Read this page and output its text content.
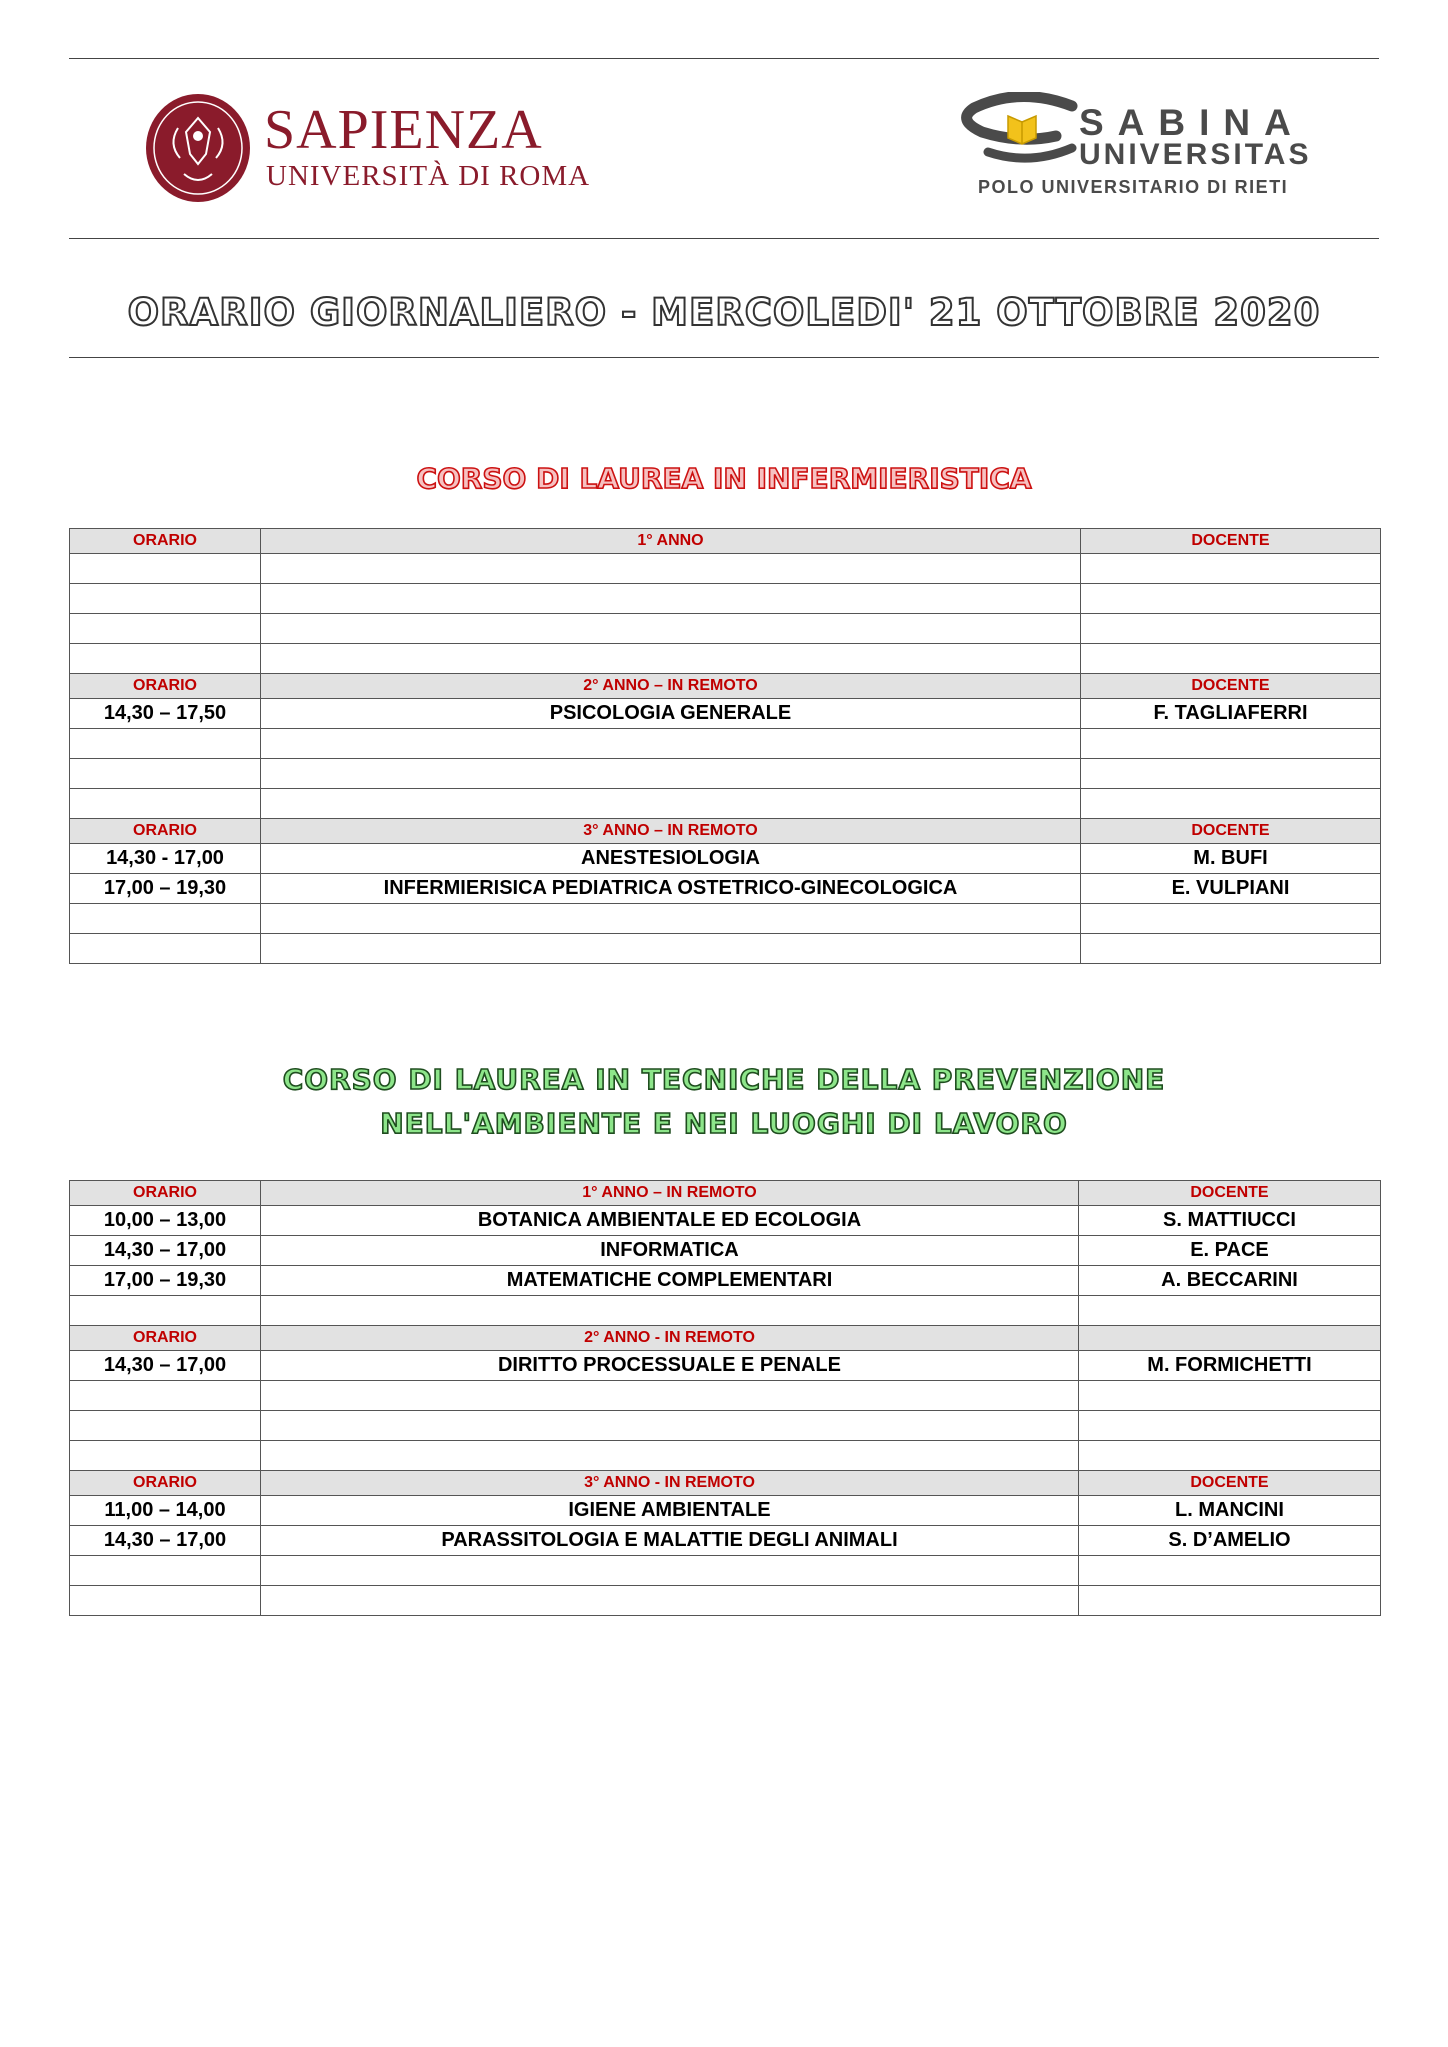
SAPIENZA
UNIVERSITÀ DI ROMA
SABINA
UNIVERSITAS
POLO UNIVERSITARIO DI RIETI
ORARIO GIORNALIERO - MERCOLEDI' 21 OTTOBRE 2020
CORSO DI LAUREA IN INFERMIERISTICA
ORARIO	1° ANNO	DOCENTE

ORARIO	2° ANNO – IN REMOTO	DOCENTE
14,30 – 17,50	PSICOLOGIA GENERALE	F. TAGLIAFERRI

ORARIO	3° ANNO – IN REMOTO	DOCENTE
14,30 - 17,00	ANESTESIOLOGIA	M. BUFI
17,00 – 19,30	INFERMIERISICA PEDIATRICA OSTETRICO-GINECOLOGICA	E. VULPIANI

CORSO DI LAUREA IN TECNICHE DELLA PREVENZIONE
NELL'AMBIENTE E NEI LUOGHI DI LAVORO
ORARIO	1° ANNO – IN REMOTO	DOCENTE
10,00 – 13,00	BOTANICA AMBIENTALE ED ECOLOGIA	S. MATTIUCCI
14,30 – 17,00	INFORMATICA	E. PACE
17,00 – 19,30	MATEMATICHE COMPLEMENTARI	A. BECCARINI

ORARIO	2° ANNO - IN REMOTO	
14,30 – 17,00	DIRITTO PROCESSUALE E PENALE	M. FORMICHETTI

ORARIO	3° ANNO - IN REMOTO	DOCENTE
11,00 – 14,00	IGIENE AMBIENTALE	L. MANCINI
14,30 – 17,00	PARASSITOLOGIA E MALATTIE DEGLI ANIMALI	S. D’AMELIO
